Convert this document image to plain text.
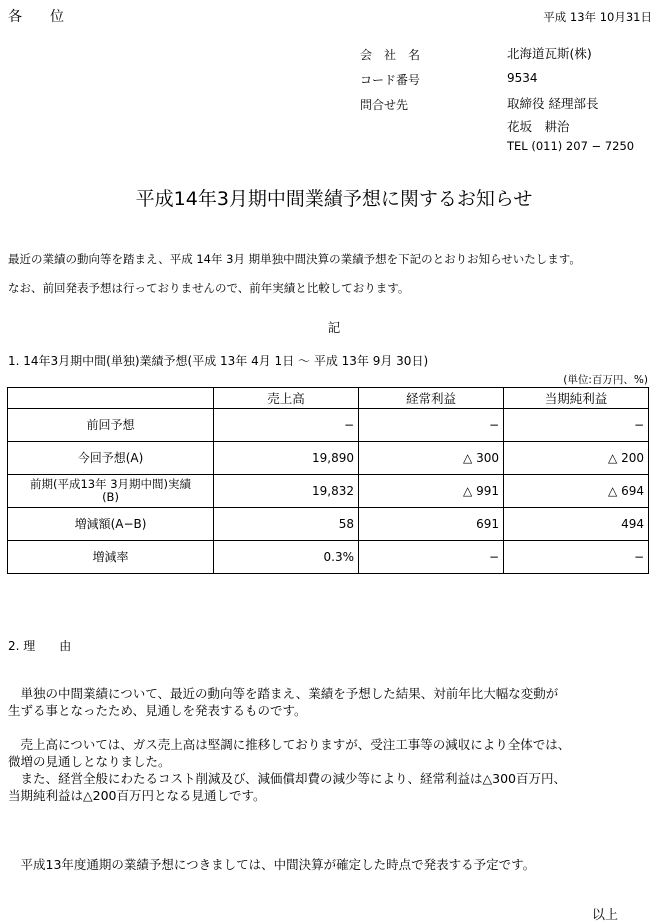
各　　位	平成 13年 10月31日
会　社　名	北海道瓦斯(株)
コード番号	9534
問合せ先	取締役 経理部長
花坂　耕治
TEL (011) 207 − 7250
平成14年3月期中間業績予想に関するお知らせ
最近の業績の動向等を踏まえ、平成 14年 3月 期単独中間決算の業績予想を下記のとおりお知らせいたします。
なお、前回発表予想は行っておりませんので、前年実績と比較しております。
記
1. 14年3月期中間(単独)業績予想(平成 13年 4月 1日 〜 平成 13年 9月 30日)
(単位:百万円、%)
	売上高	経常利益	当期純利益
前回予想	−	−	−
今回予想(A)	19,890	△ 300	△ 200

前期(平成13年 3月期中間)実績
(B)	19,832	△ 991	△ 694
増減額(A−B)	58	691	494
増減率	0.3%	−	−
2. 理　　由
　単独の中間業績について、最近の動向等を踏まえ、業績を予想した結果、対前年比大幅な変動が
生ずる事となったため、見通しを発表するものです。
　売上高については、ガス売上高は堅調に推移しておりますが、受注工事等の減収により全体では、
微増の見通しとなりました。
　また、経営全般にわたるコスト削減及び、減価償却費の減少等により、経常利益は△300百万円、
当期純利益は△200百万円となる見通しです。
　平成13年度通期の業績予想につきましては、中間決算が確定した時点で発表する予定です。
以上
